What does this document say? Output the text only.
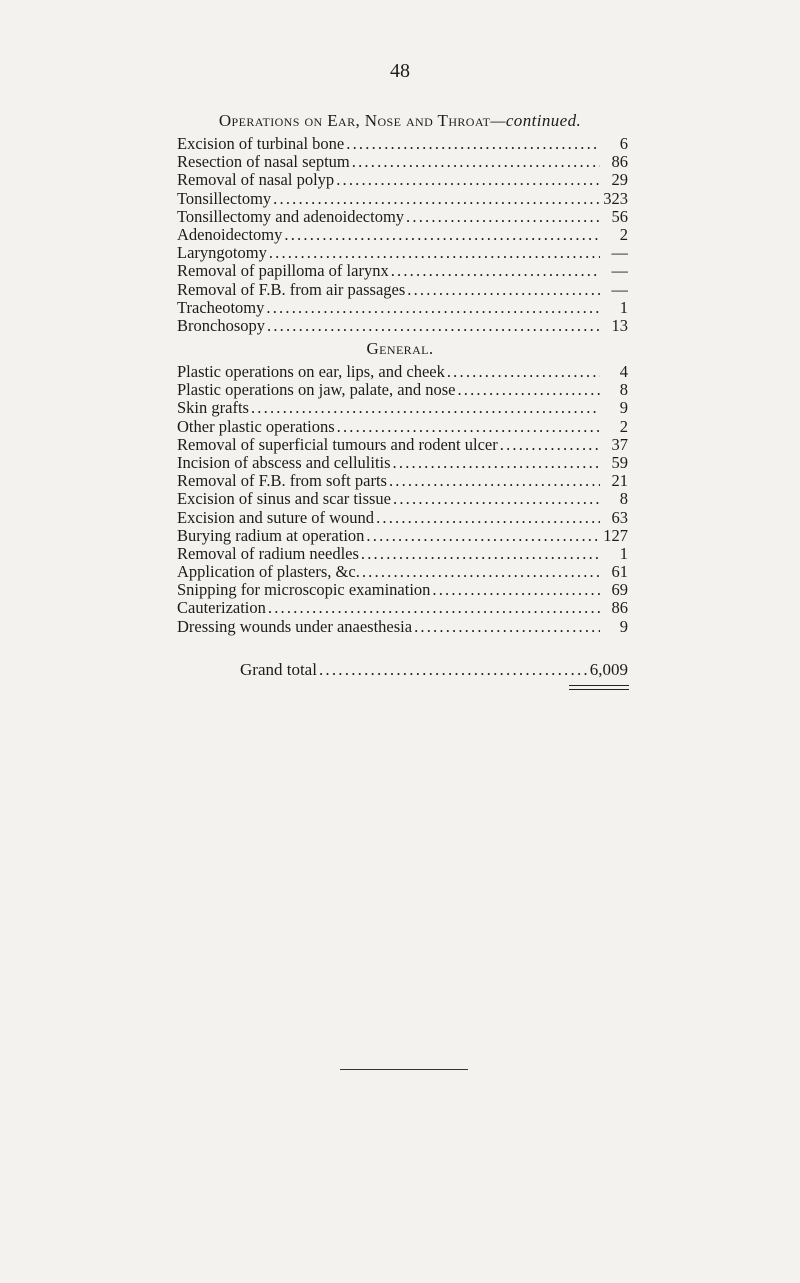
48
Operations on Ear, Nose and Throat—continued.
Excision of turbinal bone .....	6
Resection of nasal septum .....	86
Removal of nasal polyp .....	29
Tonsillectomy .....	323
Tonsillectomy and adenoidectomy .....	56
Adenoidectomy .....	2
Laryngotomy .....	—
Removal of papilloma of larynx .....	—
Removal of F.B. from air passages .....	—
Tracheotomy .....	1
Bronchosopy .....	13
General.
Plastic operations on ear, lips, and cheek .....	4
Plastic operations on jaw, palate, and nose .....	8
Skin grafts .....	9
Other plastic operations .....	2
Removal of superficial tumours and rodent ulcer .....	37
Incision of abscess and cellulitis .....	59
Removal of F.B. from soft parts .....	21
Excision of sinus and scar tissue .....	8
Excision and suture of wound .....	63
Burying radium at operation .....	127
Removal of radium needles .....	1
Application of plasters, &c. .....	61
Snipping for microscopic examination .....	69
Cauterization .....	86
Dressing wounds under anaesthesia .....	9
Grand total .....	6,009
